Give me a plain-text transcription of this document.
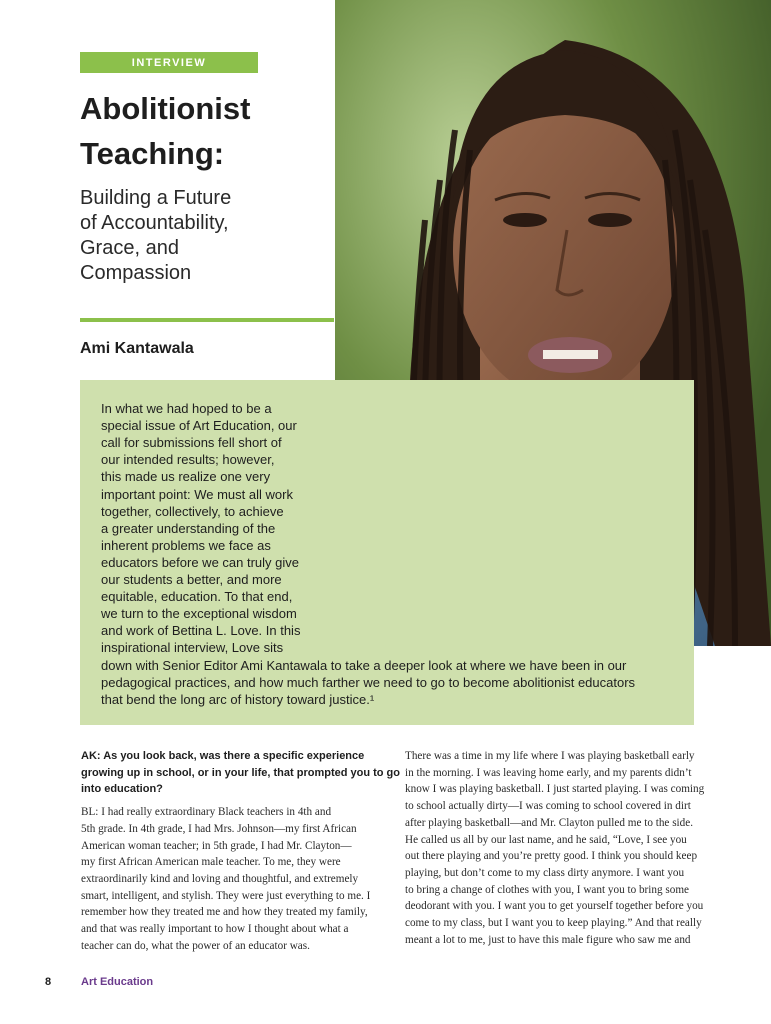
INTERVIEW
Abolitionist
Teaching:
Building a Future
of Accountability,
Grace, and
Compassion
Ami Kantawala
In what we had hoped to be a
special issue of Art Education, our
call for submissions fell short of
our intended results; however,
this made us realize one very
important point: We must all work
together, collectively, to achieve
a greater understanding of the
inherent problems we face as
educators before we can truly give
our students a better, and more
equitable, education. To that end,
we turn to the exceptional wisdom
and work of Bettina L. Love. In this
inspirational interview, Love sits
down with Senior Editor Ami Kantawala to take a deeper look at where we have been in our
pedagogical practices, and how much farther we need to go to become abolitionist educators
that bend the long arc of history toward justice.¹
AK: As you look back, was there a specific experience
growing up in school, or in your life, that prompted you to go
into education?
BL: I had really extraordinary Black teachers in 4th and
5th grade. In 4th grade, I had Mrs. Johnson—my first African
American woman teacher; in 5th grade, I had Mr. Clayton—
my first African American male teacher. To me, they were
extraordinarily kind and loving and thoughtful, and extremely
smart, intelligent, and stylish. They were just everything to me. I
remember how they treated me and how they treated my family,
and that was really important to how I thought about what a
teacher can do, what the power of an educator was.
There was a time in my life where I was playing basketball early
in the morning. I was leaving home early, and my parents didn’t
know I was playing basketball. I just started playing. I was coming
to school actually dirty—I was coming to school covered in dirt
after playing basketball—and Mr. Clayton pulled me to the side.
He called us all by our last name, and he said, “Love, I see you
out there playing and you’re pretty good. I think you should keep
playing, but don’t come to my class dirty anymore. I want you
to bring a change of clothes with you, I want you to bring some
deodorant with you. I want you to get yourself together before you
come to my class, but I want you to keep playing.” And that really
meant a lot to me, just to have this male figure who saw me and
8	Art Education
